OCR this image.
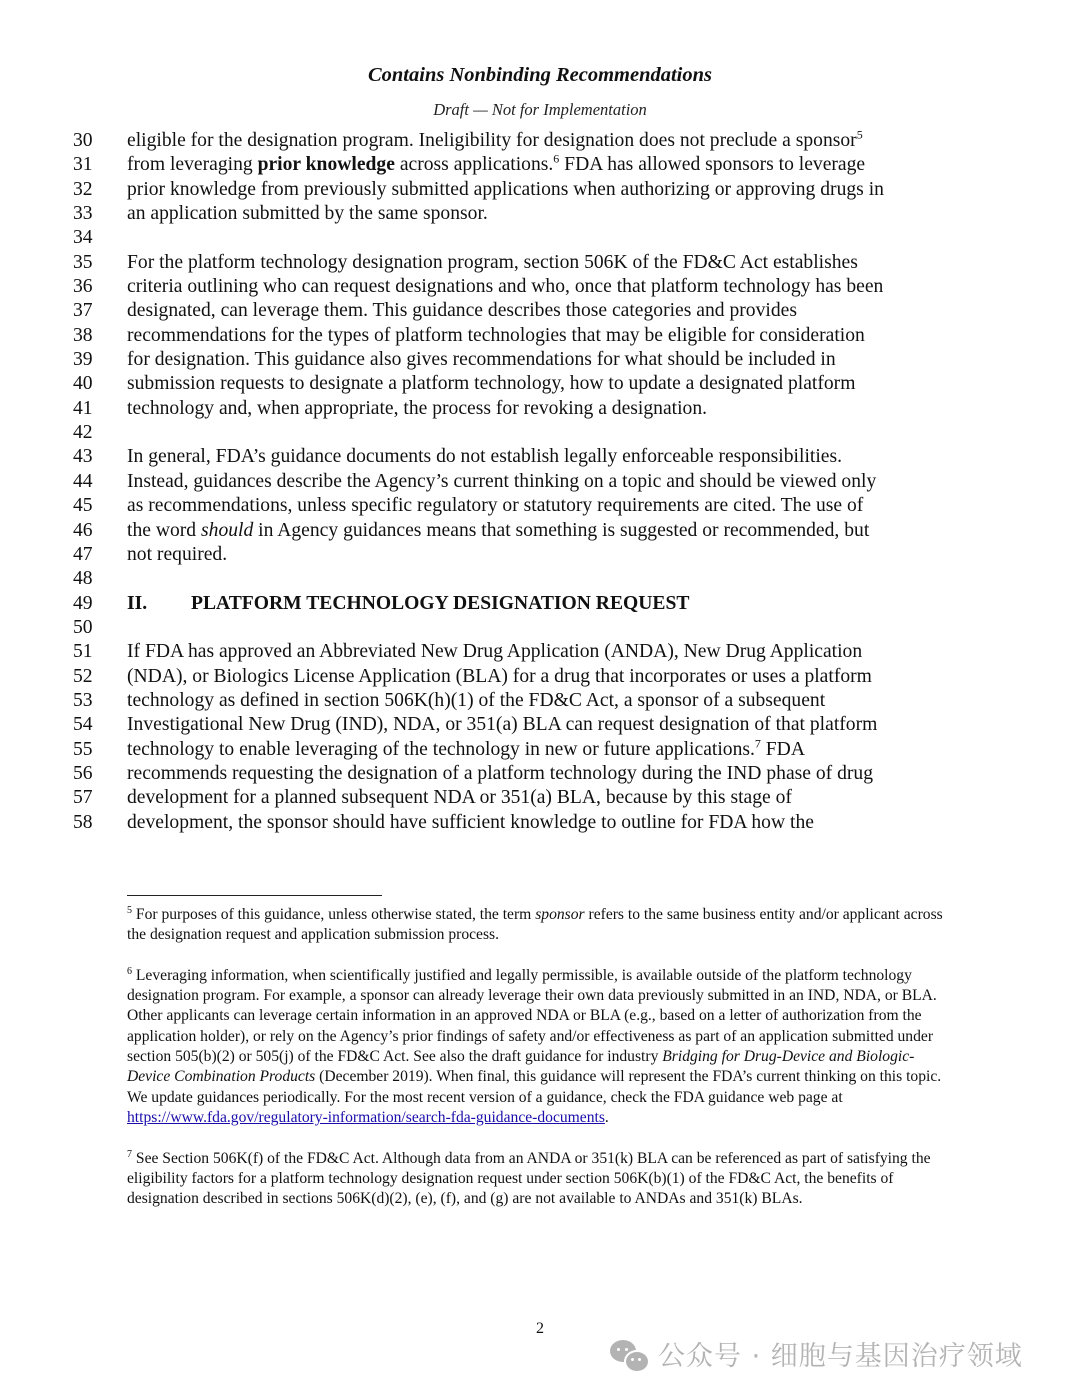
Contains Nonbinding Recommendations
Draft — Not for Implementation
30	eligible for the designation program. Ineligibility for designation does not preclude a sponsor$^5$
31	from leveraging prior knowledge across applications.$^6$ FDA has allowed sponsors to leverage
32	prior knowledge from previously submitted applications when authorizing or approving drugs in
33	an application submitted by the same sponsor.
34
35	For the platform technology designation program, section 506K of the FD&C Act establishes
36	criteria outlining who can request designations and who, once that platform technology has been
37	designated, can leverage them. This guidance describes those categories and provides
38	recommendations for the types of platform technologies that may be eligible for consideration
39	for designation. This guidance also gives recommendations for what should be included in
40	submission requests to designate a platform technology, how to update a designated platform
41	technology and, when appropriate, the process for revoking a designation.
42
43	In general, FDA’s guidance documents do not establish legally enforceable responsibilities.
44	Instead, guidances describe the Agency’s current thinking on a topic and should be viewed only
45	as recommendations, unless specific regulatory or statutory requirements are cited. The use of
46	the word should in Agency guidances means that something is suggested or recommended, but
47	not required.
48
49	II. PLATFORM TECHNOLOGY DESIGNATION REQUEST
50
51	If FDA has approved an Abbreviated New Drug Application (ANDA), New Drug Application
52	(NDA), or Biologics License Application (BLA) for a drug that incorporates or uses a platform
53	technology as defined in section 506K(h)(1) of the FD&C Act, a sponsor of a subsequent
54	Investigational New Drug (IND), NDA, or 351(a) BLA can request designation of that platform
55	technology to enable leveraging of the technology in new or future applications.$^7$ FDA
56	recommends requesting the designation of a platform technology during the IND phase of drug
57	development for a planned subsequent NDA or 351(a) BLA, because by this stage of
58	development, the sponsor should have sufficient knowledge to outline for FDA how the
$^5$ For purposes of this guidance, unless otherwise stated, the term sponsor refers to the same business entity and/or applicant across the designation request and application submission process.
$^6$ Leveraging information, when scientifically justified and legally permissible, is available outside of the platform technology designation program. For example, a sponsor can already leverage their own data previously submitted in an IND, NDA, or BLA. Other applicants can leverage certain information in an approved NDA or BLA (e.g., based on a letter of authorization from the application holder), or rely on the Agency’s prior findings of safety and/or effectiveness as part of an application submitted under section 505(b)(2) or 505(j) of the FD&C Act. See also the draft guidance for industry Bridging for Drug-Device and Biologic-Device Combination Products (December 2019). When final, this guidance will represent the FDA’s current thinking on this topic. We update guidances periodically. For the most recent version of a guidance, check the FDA guidance web page at https://www.fda.gov/regulatory-information/search-fda-guidance-documents.
$^7$ See Section 506K(f) of the FD&C Act. Although data from an ANDA or 351(k) BLA can be referenced as part of satisfying the eligibility factors for a platform technology designation request under section 506K(b)(1) of the FD&C Act, the benefits of designation described in sections 506K(d)(2), (e), (f), and (g) are not available to ANDAs and 351(k) BLAs.
2
公众号 · 细胞与基因治疗领域
